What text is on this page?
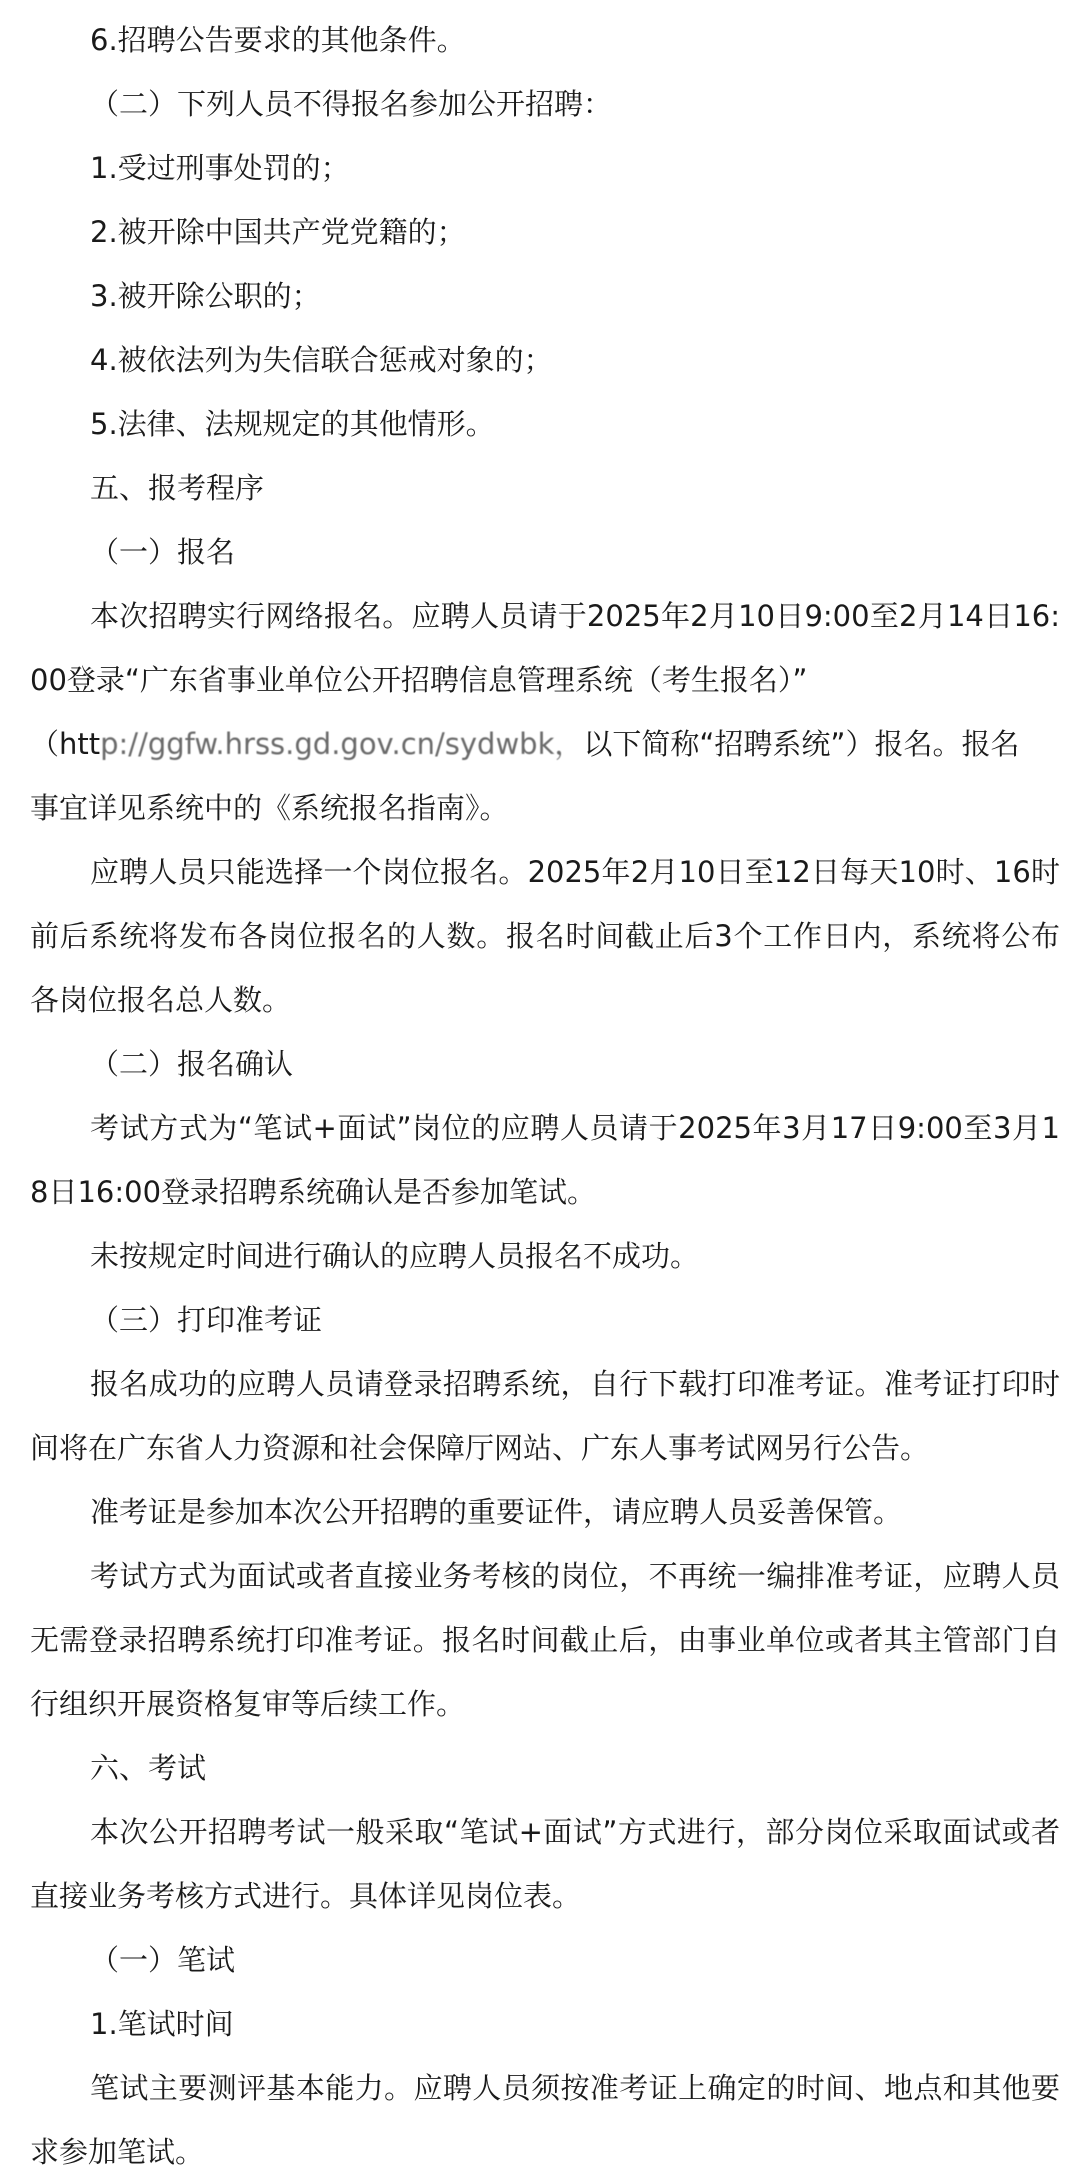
6.招聘公告要求的其他条件。

（二）下列人员不得报名参加公开招聘：

1.受过刑事处罚的；

2.被开除中国共产党党籍的；

3.被开除公职的；

4.被依法列为失信联合惩戒对象的；

5.法律、法规规定的其他情形。

五、报考程序

（一）报名

本次招聘实行网络报名。应聘人员请于2025年2月10日9:00至2月14日16:00登录“广东省事业单位公开招聘信息管理系统（考生报名）”
（http://ggfw.hrss.gd.gov.cn/sydwbk，以下简称“招聘系统”）报名。报名
事宜详见系统中的《系统报名指南》。

应聘人员只能选择一个岗位报名。2025年2月10日至12日每天10时、16时前后系统将发布各岗位报名的人数。报名时间截止后3个工作日内，系统将公布各岗位报名总人数。

（二）报名确认

考试方式为“笔试+面试”岗位的应聘人员请于2025年3月17日9:00至3月18日16:00登录招聘系统确认是否参加笔试。

未按规定时间进行确认的应聘人员报名不成功。

（三）打印准考证

报名成功的应聘人员请登录招聘系统，自行下载打印准考证。准考证打印时间将在广东省人力资源和社会保障厅网站、广东人事考试网另行公告。

准考证是参加本次公开招聘的重要证件，请应聘人员妥善保管。

考试方式为面试或者直接业务考核的岗位，不再统一编排准考证，应聘人员无需登录招聘系统打印准考证。报名时间截止后，由事业单位或者其主管部门自行组织开展资格复审等后续工作。

六、考试

本次公开招聘考试一般采取“笔试+面试”方式进行，部分岗位采取面试或者直接业务考核方式进行。具体详见岗位表。

（一）笔试

1.笔试时间

笔试主要测评基本能力。应聘人员须按准考证上确定的时间、地点和其他要求参加笔试。
